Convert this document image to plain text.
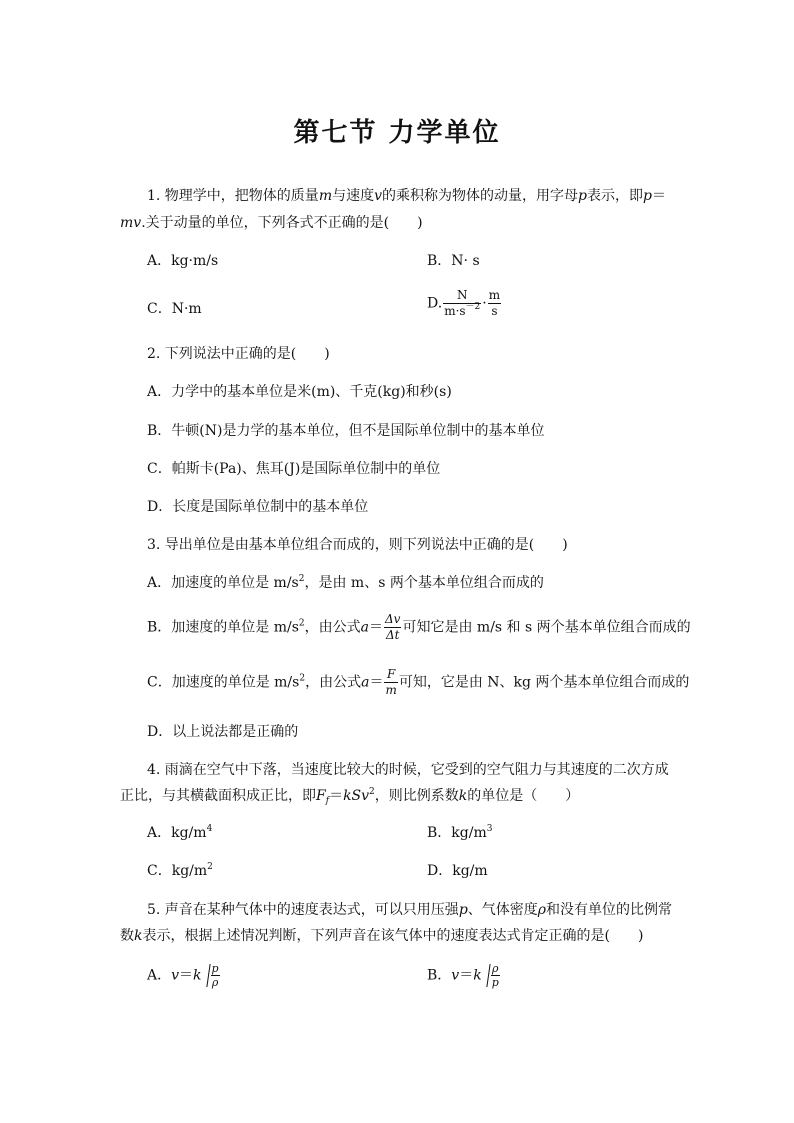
第七节 力学单位
1. 物理学中，把物体的质量m与速度v的乘积称为物体的动量，用字母p表示，即p＝
mv.关于动量的单位，下列各式不正确的是(　　)
A．kg·m/s	B．N· s
C．N·m	D. $\frac{N}{m\cdot s^{-2}} \cdot \frac{m}{s}$
2. 下列说法中正确的是(　　)
A．力学中的基本单位是米(m)、千克(kg)和秒(s)
B．牛顿(N)是力学的基本单位，但不是国际单位制中的基本单位
C．帕斯卡(Pa)、焦耳(J)是国际单位制中的单位
D．长度是国际单位制中的基本单位
3. 导出单位是由基本单位组合而成的，则下列说法中正确的是(　　)
A．加速度的单位是 $m/s^2$，是由 m、s 两个基本单位组合而成的
B．加速度的单位是 $m/s^2$，由公式$a= \frac{\Delta v}{\Delta t}$ 可知它是由 m/s 和 s 两个基本单位组合而成的
C．加速度的单位是 $m/s^2$，由公式$a= \frac{F}{m}$ 可知，它是由 N、kg 两个基本单位组合而成的
D．以上说法都是正确的
4. 雨滴在空气中下落，当速度比较大的时候，它受到的空气阻力与其速度的二次方成
正比，与其横截面积成正比，即$F_f=kSv^2$，则比例系数k的单位是（　　）
A．$kg/m^4$	B．$kg/m^3$
C．$kg/m^2$	D．kg/m
5. 声音在某种气体中的速度表达式，可以只用压强p、气体密度ρ和没有单位的比例常
数k表示，根据上述情况判断，下列声音在该气体中的速度表达式肯定正确的是(　　)
A．$v=k \frac{p}{\rho}$	B．$v=k \frac{\rho}{p}$
